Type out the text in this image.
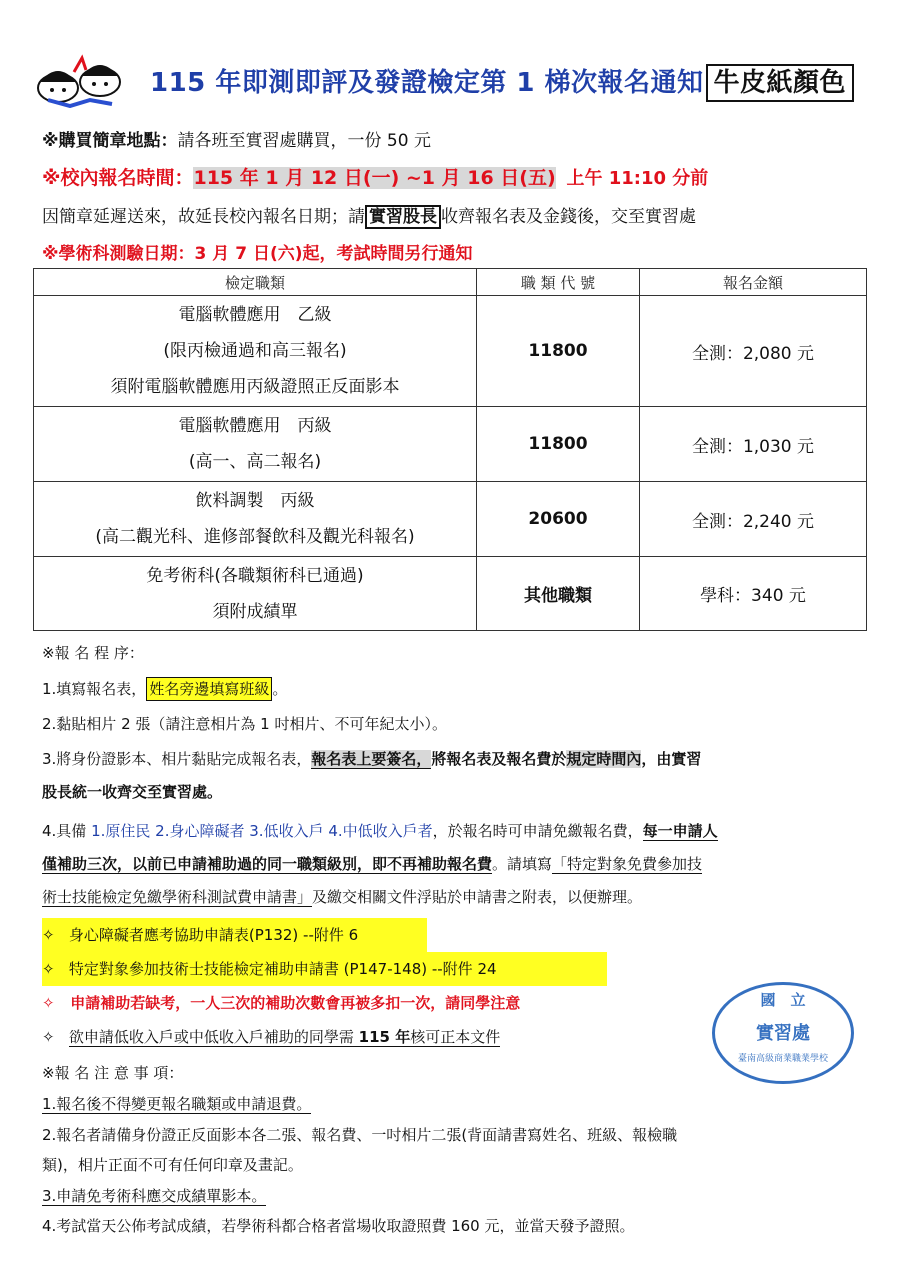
115 年即測即評及發證檢定第 1 梯次報名通知 牛皮紙顏色
※購買簡章地點：請各班至實習處購買，一份 50 元
※校內報名時間：115 年 1 月 12 日(一) ~1 月 16 日(五) 上午 11:10 分前
因簡章延遲送來，故延長校內報名日期；請 實習股長 收齊報名表及金錢後，交至實習處
※學術科測驗日期：3 月 7 日(六)起，考試時間另行通知
檢定職類	職 類 代 號	報名金額

電腦軟體應用　乙級
(限丙檢通過和高三報名)
須附電腦軟體應用丙級證照正反面影本	11800	全測：2,080 元

電腦軟體應用　丙級
(高一、高二報名)	11800	全測：1,030 元

飲料調製　丙級
(高二觀光科、進修部餐飲科及觀光科報名)	20600	全測：2,240 元

免考術科(各職類術科已通過)
須附成績單	其他職類	學科：340 元
※報 名 程 序：
1.填寫報名表， 姓名旁邊填寫班級 。
2.黏貼相片 2 張（請注意相片為 1 吋相片、不可年紀太小）。
3.將身份證影本、相片黏貼完成報名表，報名表上要簽名，將報名表及報名費於規定時間內，由實習
股長統一收齊交至實習處。
4.具備 1.原住民 2.身心障礙者 3.低收入戶 4.中低收入戶者，於報名時可申請免繳報名費，每一申請人
僅補助三次，以前已申請補助過的同一職類級別，即不再補助報名費。請填寫「特定對象免費參加技
術士技能檢定免繳學術科測試費申請書」及繳交相關文件浮貼於申請書之附表，以便辦理。
✧ 身心障礙者應考協助申請表(P132) --附件 6
✧ 特定對象參加技術士技能檢定補助申請書 (P147-148) --附件 24
✧ 申請補助若缺考，一人三次的補助次數會再被多扣一次，請同學注意
✧ 欲申請低收入戶或中低收入戶補助的同學需 115 年核可正本文件
※報 名 注 意 事 項：
1.報名後不得變更報名職類或申請退費。
2.報名者請備身份證正反面影本各二張、報名費、一吋相片二張(背面請書寫姓名、班級、報檢職
類)，相片正面不可有任何印章及畫記。
3.申請免考術科應交成績單影本。
4.考試當天公佈考試成績，若學術科都合格者當場收取證照費 160 元，並當天發予證照。
國　立
實習處
臺南高級商業職業學校
